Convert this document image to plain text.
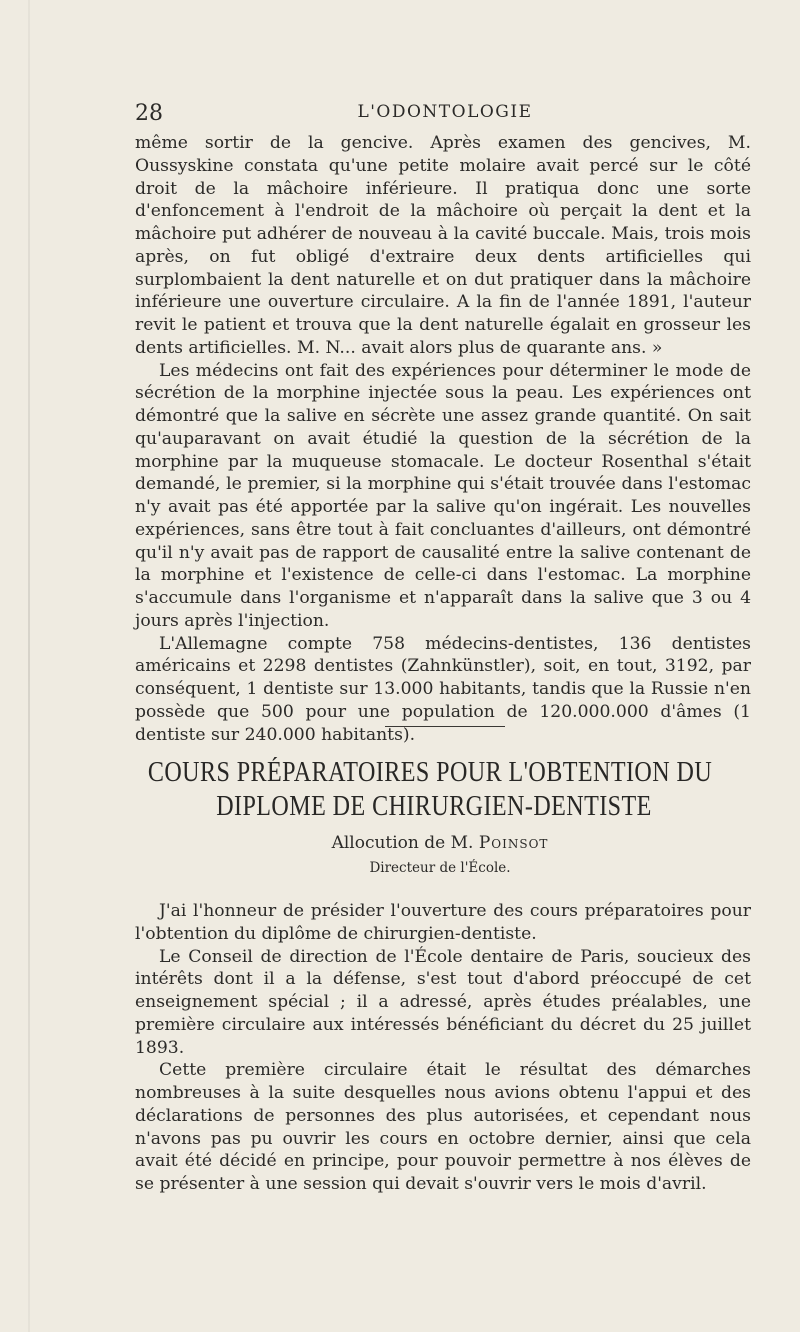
28	L'ODONTOLOGIE

même sortir de la gencive. Après examen des gencives, M. Oussyskine constata qu'une petite molaire avait percé sur le côté droit de la mâchoire inférieure. Il pratiqua donc une sorte d'enfoncement à l'endroit de la mâchoire où perçait la dent et la mâchoire put adhérer de nouveau à la cavité buccale. Mais, trois mois après, on fut obligé d'extraire deux dents artificielles qui surplombaient la dent naturelle et on dut pratiquer dans la mâchoire inférieure une ouverture circulaire. A la fin de l'année 1891, l'auteur revit le patient et trouva que la dent naturelle égalait en grosseur les dents artificielles. M. N... avait alors plus de quarante ans. »

Les médecins ont fait des expériences pour déterminer le mode de sécrétion de la morphine injectée sous la peau. Les expériences ont démontré que la salive en sécrète une assez grande quantité. On sait qu'auparavant on avait étudié la question de la sécrétion de la morphine par la muqueuse stomacale. Le docteur Rosenthal s'était demandé, le premier, si la morphine qui s'était trouvée dans l'estomac n'y avait pas été apportée par la salive qu'on ingérait. Les nouvelles expériences, sans être tout à fait concluantes d'ailleurs, ont démontré qu'il n'y avait pas de rapport de causalité entre la salive contenant de la morphine et l'existence de celle-ci dans l'estomac. La morphine s'accumule dans l'organisme et n'apparaît dans la salive que 3 ou 4 jours après l'injection.

L'Allemagne compte 758 médecins-dentistes, 136 dentistes américains et 2298 dentistes (Zahnkünstler), soit, en tout, 3192, par conséquent, 1 dentiste sur 13.000 habitants, tandis que la Russie n'en possède que 500 pour une population de 120.000.000 d'âmes (1 dentiste sur 240.000 habitants).

COURS PRÉPARATOIRES POUR L'OBTENTION DU
DIPLOME DE CHIRURGIEN-DENTISTE
Allocution de M. Poinsot
Directeur de l'École.

J'ai l'honneur de présider l'ouverture des cours préparatoires pour l'obtention du diplôme de chirurgien-dentiste.

Le Conseil de direction de l'École dentaire de Paris, soucieux des intérêts dont il a la défense, s'est tout d'abord préoccupé de cet enseignement spécial ; il a adressé, après études préalables, une première circulaire aux intéressés bénéficiant du décret du 25 juillet 1893.

Cette première circulaire était le résultat des démarches nombreuses à la suite desquelles nous avions obtenu l'appui et des déclarations de personnes des plus autorisées, et cependant nous n'avons pas pu ouvrir les cours en octobre dernier, ainsi que cela avait été décidé en principe, pour pouvoir permettre à nos élèves de se présenter à une session qui devait s'ouvrir vers le mois d'avril.
